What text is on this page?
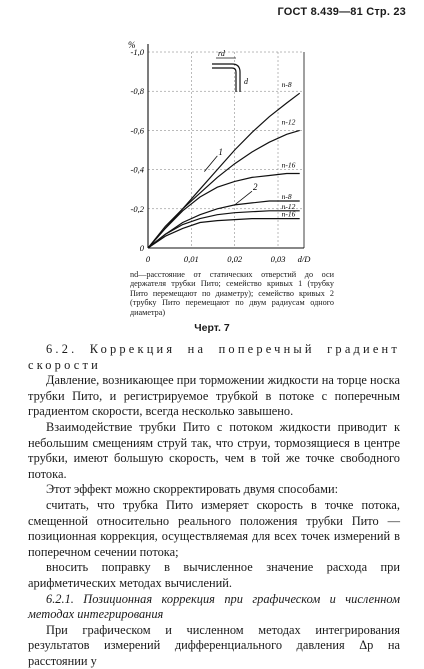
ГОСТ 8.439—81 Стр. 23
-1,0
-0,8
-0,6
-0,4
-0,2
0
0	0,01	0,02	0,03 d/D
%
n-8
n-12
n-16
n-8
n-12
n-16
1
2
rd
d
nd—расстояние от статических отверстий до оси держателя трубки Пито; семейство кривых 1 (трубку Пито перемещают по диаметру); семейство кривых 2 (трубку Пито перемещают по двум радиусам одного диаметра)
Черт. 7

6.2. Коррекция на поперечный градиент скорости

Давление, возникающее при торможении жидкости на торце носка трубки Пито, и регистрируемое трубкой в потоке с поперечным градиентом скорости, всегда несколько завышено.

Взаимодействие трубки Пито с потоком жидкости приводит к небольшим смещениям струй так, что струи, тормозящиеся в центре трубки, имеют большую скорость, чем в той же точке свободного потока.

Этот эффект можно скорректировать двумя способами:

считать, что трубка Пито измеряет скорость в точке потока, смещенной относительно реального положения трубки Пито — позиционная коррекция, осуществляемая для всех точек измерений в поперечном сечении потока;

вносить поправку в вычисленное значение расхода при арифметических методах вычислений.

6.2.1. Позиционная коррекция при графическом и численном методах интегрирования

При графическом и численном методах интегрирования результатов измерений дифференциального давления Δp на расстоянии y
